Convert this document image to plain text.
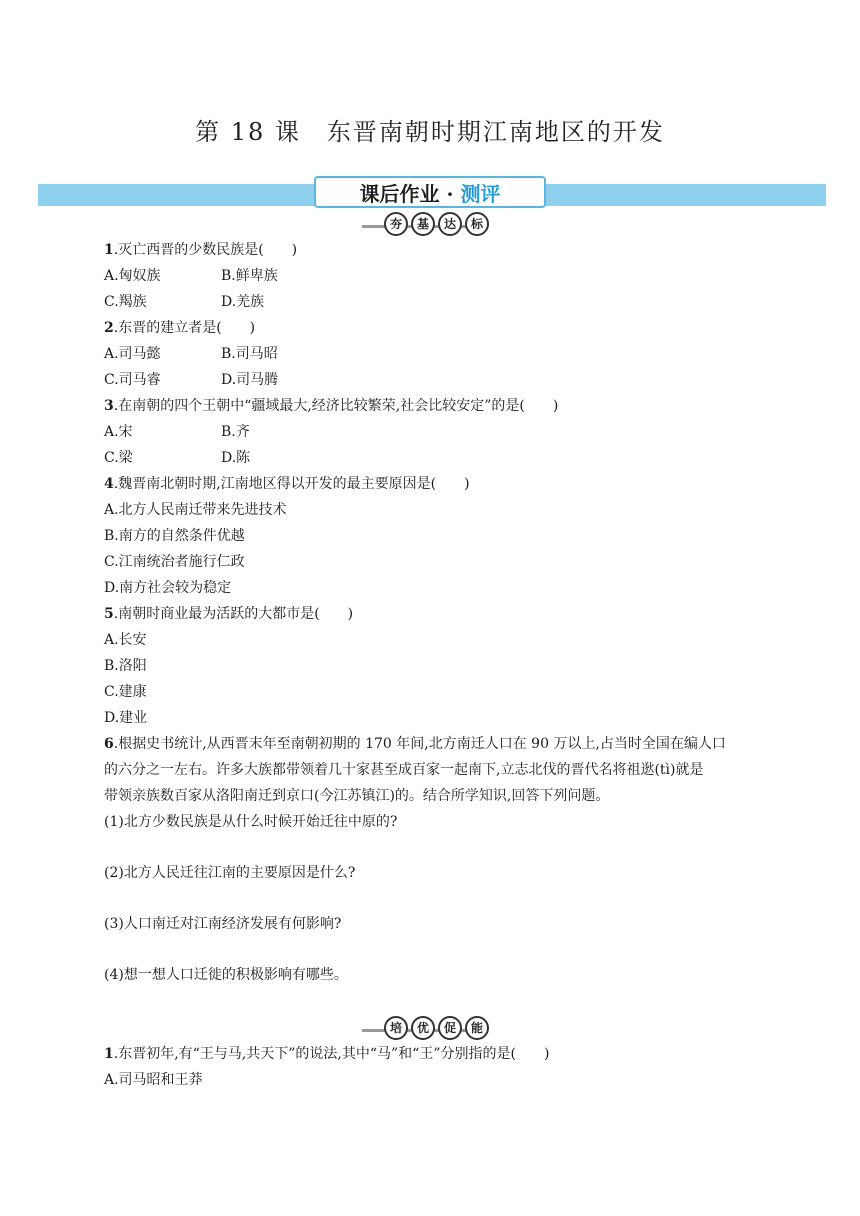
第 18 课　东晋南朝时期江南地区的开发
课后作业 · 测评
夯	基	达	标
1.灭亡西晋的少数民族是(　　)
A.匈奴族	B.鲜卑族
C.羯族	D.羌族
2.东晋的建立者是(　　)
A.司马懿	B.司马昭
C.司马睿	D.司马腾
3.在南朝的四个王朝中“疆域最大,经济比较繁荣,社会比较安定”的是(　　)
A.宋	B.齐
C.梁	D.陈
4.魏晋南北朝时期,江南地区得以开发的最主要原因是(　　)
A.北方人民南迁带来先进技术
B.南方的自然条件优越
C.江南统治者施行仁政
D.南方社会较为稳定
5.南朝时商业最为活跃的大都市是(　　)
A.长安
B.洛阳
C.建康
D.建业
6.根据史书统计,从西晋末年至南朝初期的 170 年间,北方南迁人口在 90 万以上,占当时全国在编人口
的六分之一左右。许多大族都带领着几十家甚至成百家一起南下,立志北伐的晋代名将祖逖(tì)就是
带领亲族数百家从洛阳南迁到京口(今江苏镇江)的。结合所学知识,回答下列问题。
(1)北方少数民族是从什么时候开始迁往中原的?
(2)北方人民迁往江南的主要原因是什么?
(3)人口南迁对江南经济发展有何影响?
(4)想一想人口迁徙的积极影响有哪些。
培	优	促	能
1.东晋初年,有“王与马,共天下”的说法,其中“马”和“王”分别指的是(　　)
A.司马昭和王莽
